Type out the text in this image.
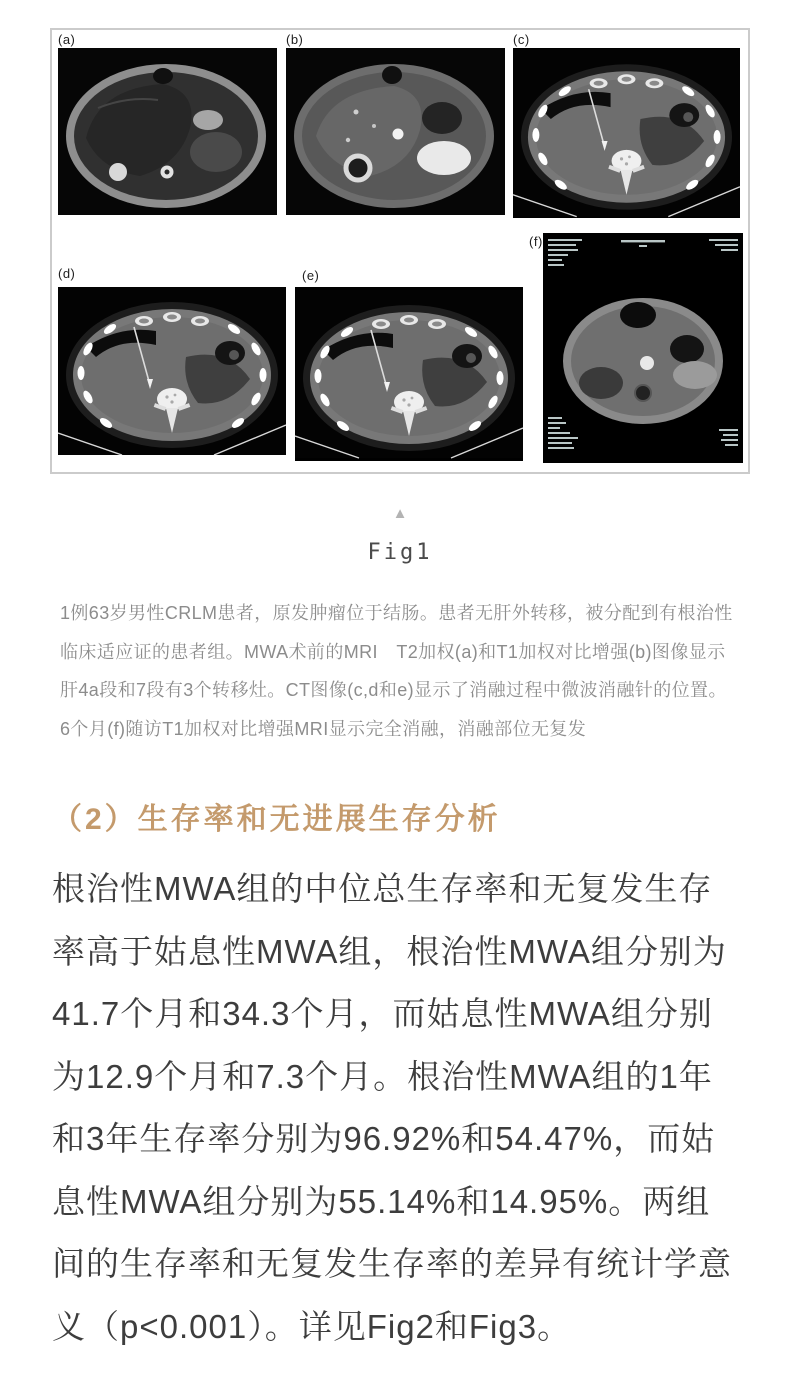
(a)	(b)	(c)
(d)	(e)
(f)
▲
Fig1

1例63岁男性CRLM患者，原发肿瘤位于结肠。患者无肝外转移，被分配到有根治性

临床适应证的患者组。MWA术前的MRI　T2加权(a)和T1加权对比增强(b)图像显示

肝4a段和7段有3个转移灶。CT图像(c,d和e)显示了消融过程中微波消融针的位置。

6个月(f)随访T1加权对比增强MRI显示完全消融，消融部位无复发

（2）生存率和无进展生存分析

根治性MWA组的中位总生存率和无复发生存

率高于姑息性MWA组，根治性MWA组分别为

41.7个月和34.3个月，而姑息性MWA组分别

为12.9个月和7.3个月。根治性MWA组的1年

和3年生存率分别为96.92%和54.47%，而姑

息性MWA组分别为55.14%和14.95%。两组

间的生存率和无复发生存率的差异有统计学意

义（p<0.001）。详见Fig2和Fig3。
